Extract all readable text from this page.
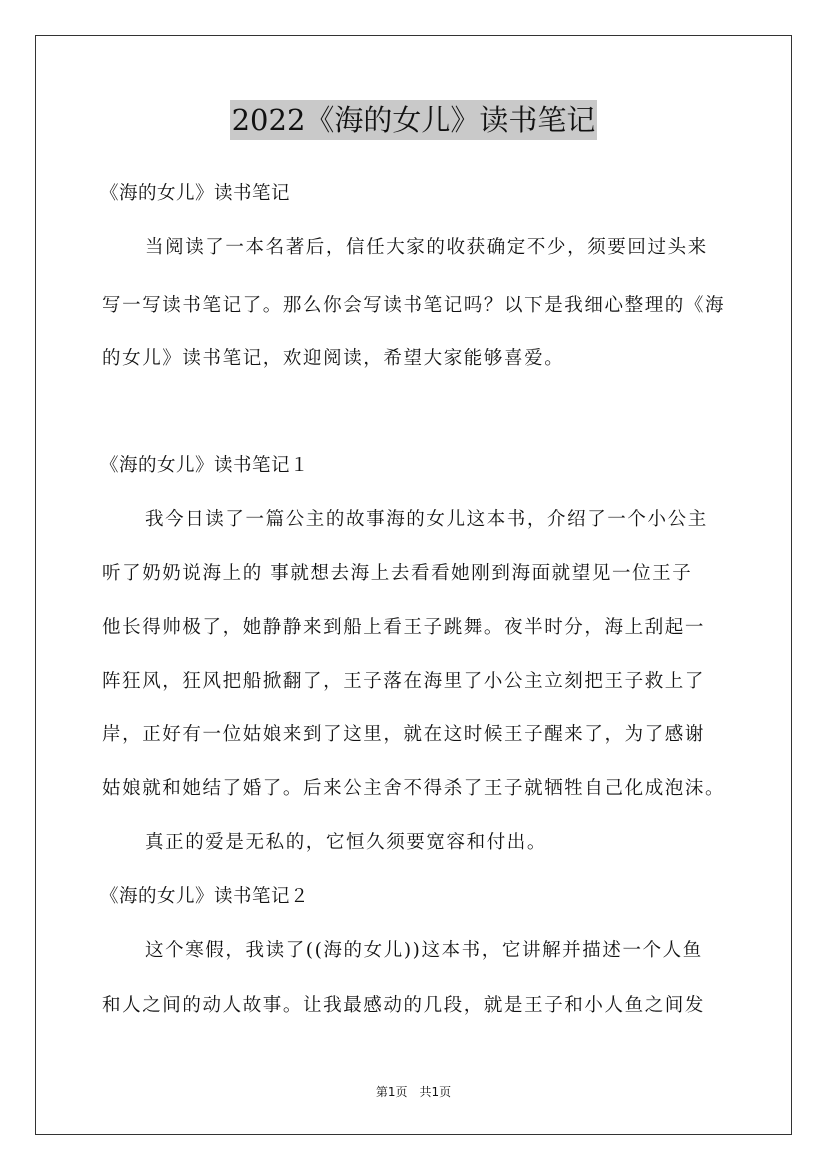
2022《海的女儿》读书笔记
《海的女儿》读书笔记
当阅读了一本名著后，信任大家的收获确定不少，须要回过头来
写一写读书笔记了。那么你会写读书笔记吗？以下是我细心整理的《海
的女儿》读书笔记，欢迎阅读，希望大家能够喜爱。
《海的女儿》读书笔记１
我今日读了一篇公主的故事海的女儿这本书，介绍了一个小公主
听了奶奶说海上的 事就想去海上去看看她刚到海面就望见一位王子
他长得帅极了，她静静来到船上看王子跳舞。夜半时分，海上刮起一
阵狂风，狂风把船掀翻了，王子落在海里了小公主立刻把王子救上了
岸，正好有一位姑娘来到了这里，就在这时候王子醒来了，为了感谢
姑娘就和她结了婚了。后来公主舍不得杀了王子就牺牲自己化成泡沫。
真正的爱是无私的，它恒久须要宽容和付出。
《海的女儿》读书笔记２
这个寒假，我读了((海的女儿))这本书，它讲解并描述一个人鱼
和人之间的动人故事。让我最感动的几段，就是王子和小人鱼之间发
第1页　共1页
